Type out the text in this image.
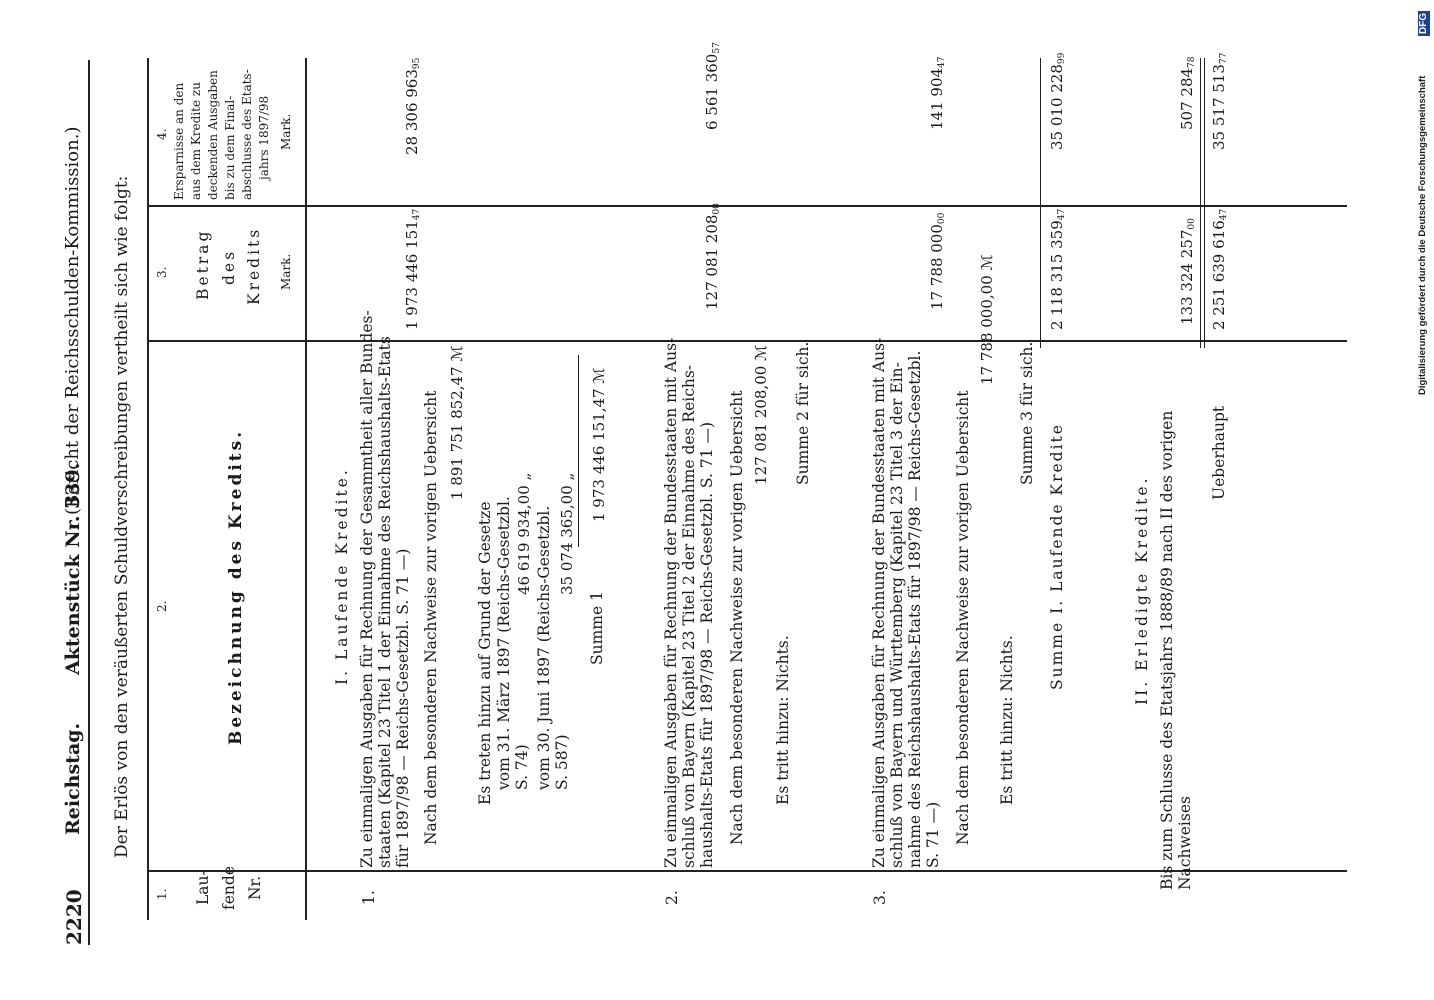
2220
Reichstag.
Aktenstück Nr. 339.
(Bericht der Reichsschulden-Kommission.) Der Erlös von den veräußerten Schuldverschreibungen vertheilt sich wie folgt:
1. Lau- fende Nr.
2.	Bezeichnung des Kredits.
3. Betrag des Kredits Mark.
4. Ersparnisse an den aus dem Kredite zu deckenden Ausgaben bis zu dem Final- abschlusse des Etats- jahrs 1897/98 Mark.
I. Laufende Kredite.
1.
Zu einmaligen Ausgaben für Rechnung der Gesammtheit aller Bundes- staaten (Kapitel 23 Titel 1 der Einnahme des Reichshaushalts-Etats für 1897/98 — Reichs-Gesetzbl. S. 71 —) Nach dem besonderen Nachweise zur vorigen Uebersicht 1 891 751 852,47 ℳ
Es treten hinzu auf Grund der Gesetze vom 31. März 1897 (Reichs-Gesetzbl. S. 74)
46 619 934,00 „ vom 30. Juni 1897 (Reichs-Gesetzbl. S. 587)
35 074 365,00 „
Summe 1
1 973 446 151,47 ℳ
1 973 446 $151_{47}$
28 306 $963_{95}$
2.
Zu einmaligen Ausgaben für Rechnung der Bundesstaaten mit Aus- schluß von Bayern (Kapitel 23 Titel 2 der Einnahme des Reichs- haushalts-Etats für 1897/98 — Reichs-Gesetzbl. S. 71 —) Nach dem besonderen Nachweise zur vorigen Uebersicht 127 081 208,00 ℳ
Es tritt hinzu: Nichts.
Summe 2 für sich.
127 081 $208_{00}$
6 561 $360_{57}$
3.
Zu einmaligen Ausgaben für Rechnung der Bundesstaaten mit Aus- schluß von Bayern und Württemberg (Kapitel 23 Titel 3 der Ein- nahme des Reichshaushalts-Etats für 1897/98 — Reichs-Gesetzbl. S. 71 —) Nach dem besonderen Nachweise zur vorigen Uebersicht
17 788 000,00 ℳ
Es tritt hinzu: Nichts.
Summe 3 für sich.
17 788 $000_{00}$
141 $904_{47}$
Summe I. Laufende Kredite
2 118 315 $359_{47}$
35 010 $228_{99}$
II. Erledigte Kredite. Bis zum Schlusse des Etatsjahrs 1888/89 nach II des vorigen Nachweises
133 324 $257_{00}$
507 $284_{78}$
Ueberhaupt
2 251 639 $616_{47}$
35 517 $513_{77}$
Digitalisierung gefördert durch die Deutsche Forschungsgemeinschaft
DFG
